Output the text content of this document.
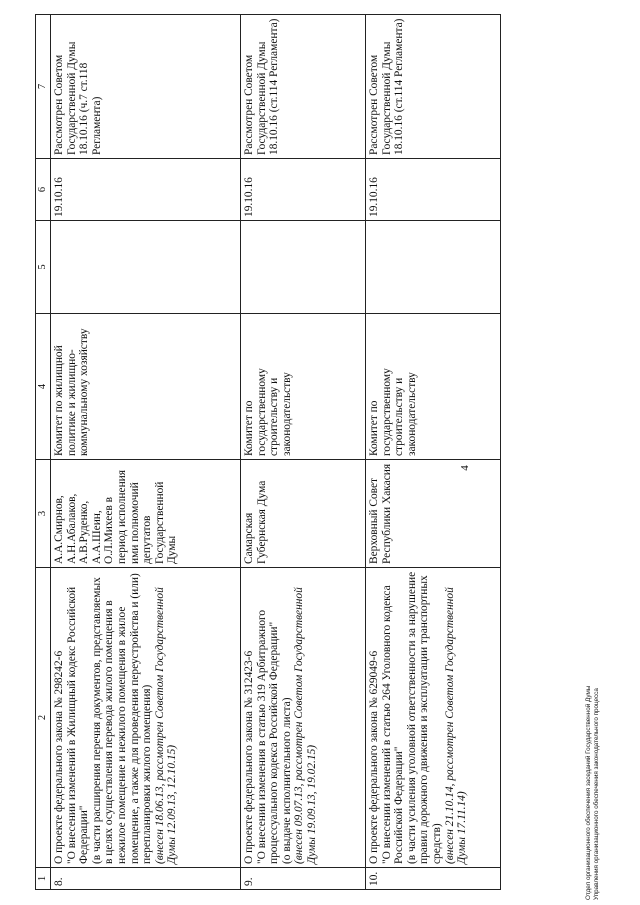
4
1	2	3	4	5	6	7
8.	О проекте федерального закона № 298242-6 "О внесении изменений в Жилищный кодекс Российской Федерации" (в части расширения перечня документов, представляемых в целях осуществления перевода жилого помещения в нежилое помещение и нежилого помещения в жилое помещение, а также для проведения переустройства и (или) перепланировки жилого помещения) (внесен 18.06.13, рассмотрен Советом Государственной Думы 12.09.13, 12.10.15)	А.А.Смирнов, А.Н.Абалаков, А.В.Руденко, А.А.Шеин, О.Л.Михеев в период исполнения ими полномочий депутатов Государственной Думы	Комитет по жилищной политике и жилищно-коммунальному хозяйству		19.10.16	Рассмотрен Советом Государственной Думы 18.10.16 (ч.7 ст.118 Регламента)
9.	О проекте федерального закона № 312423-6 "О внесении изменения в статью 319 Арбитражного процессуального кодекса Российской Федерации" (о выдаче исполнительного листа) (внесен 09.07.13, рассмотрен Советом Государственной Думы 19.09.13, 19.02.15)	Самарская Губернская Дума	Комитет по государственному строительству и законодательству		19.10.16	Рассмотрен Советом Государственной Думы 18.10.16 (ст.114 Регламента)
10.	О проекте федерального закона № 629049-6 "О внесении изменений в статью 264 Уголовного кодекса Российской Федерации" (в части усиления уголовной ответственности за нарушение правил дорожного движения и эксплуатации транспортных средств) (внесен 21.10.14, рассмотрен Советом Государственной Думы 17.11.14)	Верховный Совет Республики Хакасия	Комитет по государственному строительству и законодательству		19.10.16	Рассмотрен Советом Государственной Думы 18.10.16 (ст.114 Регламента)
Отдел организационного обеспечения заседаний Государственной Думы Управления организационного обеспечения законодательного процесса
